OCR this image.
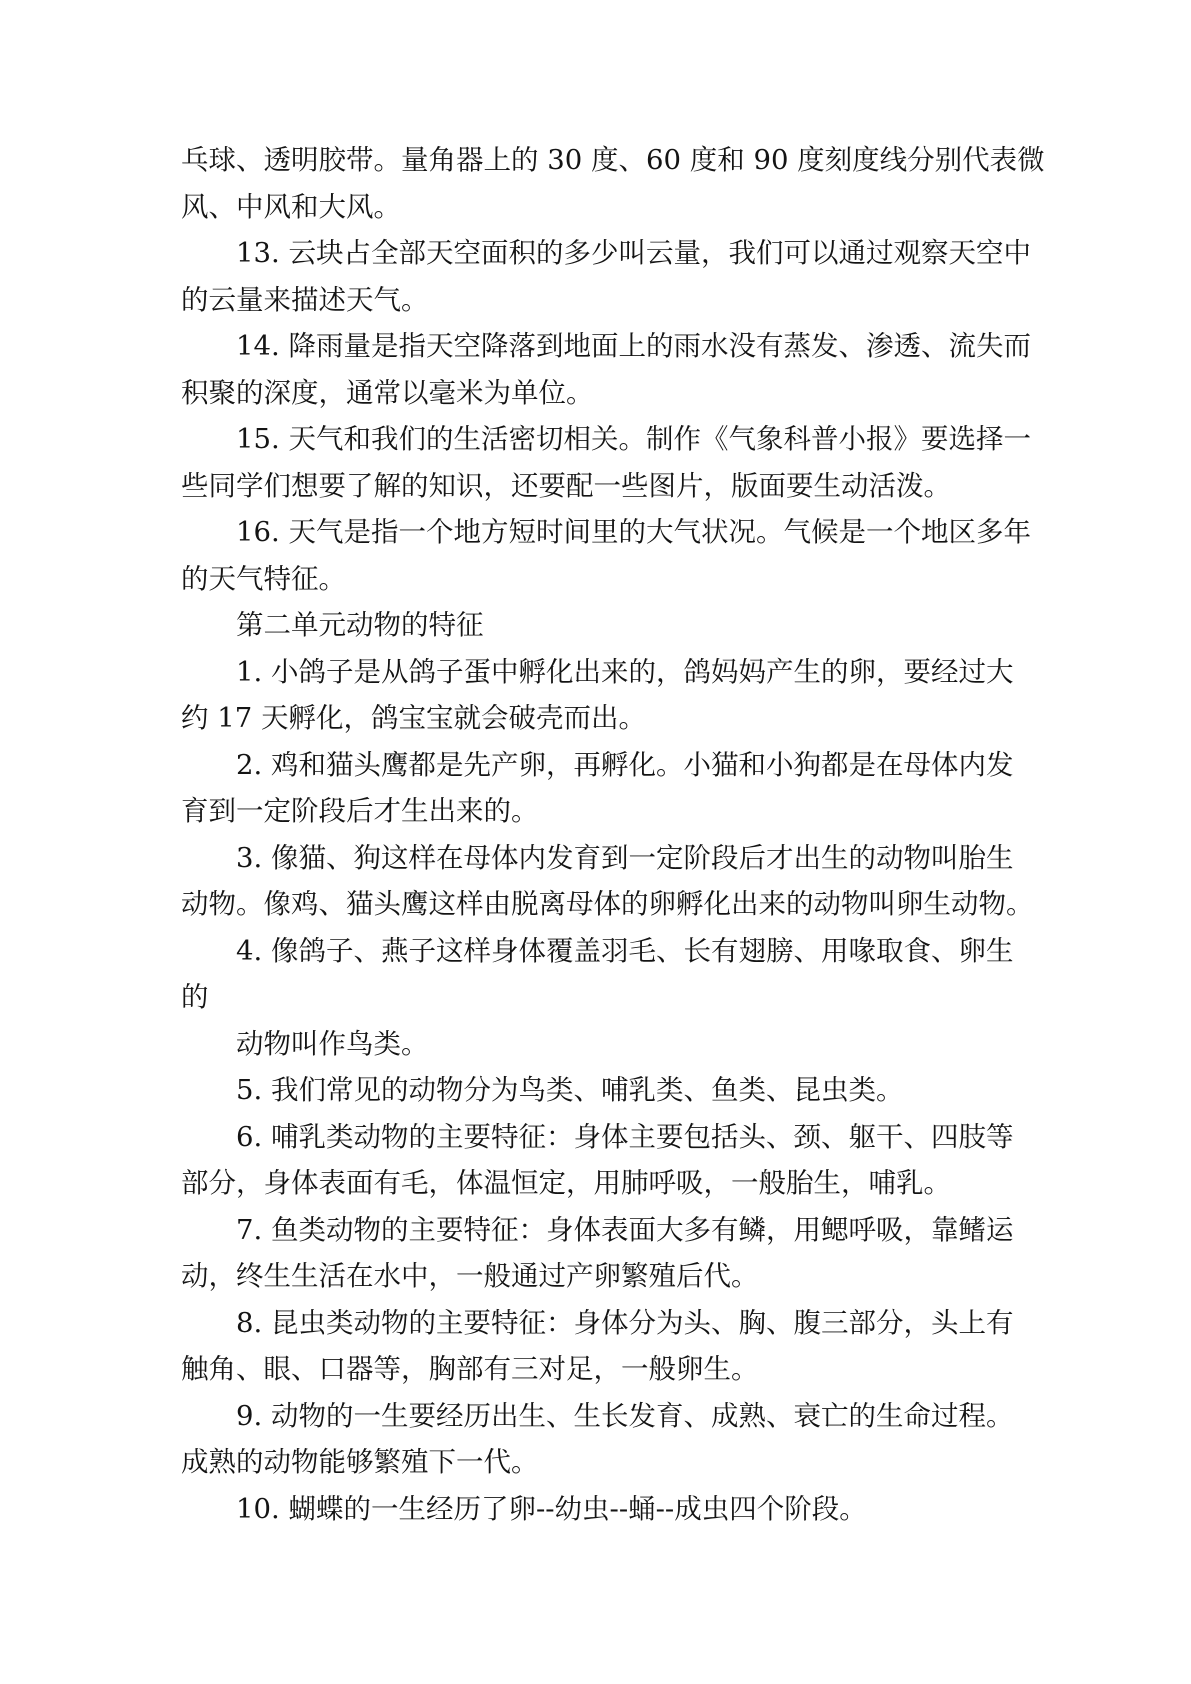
乓球、透明胶带。量角器上的 30 度、60 度和 90 度刻度线分别代表微
风、中风和大风。

13. 云块占全部天空面积的多少叫云量，我们可以通过观察天空中
的云量来描述天气。

14. 降雨量是指天空降落到地面上的雨水没有蒸发、渗透、流失而
积聚的深度，通常以毫米为单位。

15. 天气和我们的生活密切相关。制作《气象科普小报》要选择一
些同学们想要了解的知识，还要配一些图片，版面要生动活泼。

16. 天气是指一个地方短时间里的大气状况。气候是一个地区多年
的天气特征。

第二单元动物的特征

1. 小鸽子是从鸽子蛋中孵化出来的，鸽妈妈产生的卵，要经过大
约 17 天孵化，鸽宝宝就会破壳而出。

2. 鸡和猫头鹰都是先产卵，再孵化。小猫和小狗都是在母体内发
育到一定阶段后才生出来的。

3. 像猫、狗这样在母体内发育到一定阶段后才出生的动物叫胎生
动物。像鸡、猫头鹰这样由脱离母体的卵孵化出来的动物叫卵生动物。

4. 像鸽子、燕子这样身体覆盖羽毛、长有翅膀、用喙取食、卵生
的

动物叫作鸟类。

5. 我们常见的动物分为鸟类、哺乳类、鱼类、昆虫类。

6. 哺乳类动物的主要特征：身体主要包括头、颈、躯干、四肢等
部分，身体表面有毛，体温恒定，用肺呼吸，一般胎生，哺乳。

7. 鱼类动物的主要特征：身体表面大多有鳞，用鳃呼吸，靠鳍运
动，终生生活在水中，一般通过产卵繁殖后代。

8. 昆虫类动物的主要特征：身体分为头、胸、腹三部分，头上有
触角、眼、口器等，胸部有三对足，一般卵生。

9. 动物的一生要经历出生、生长发育、成熟、衰亡的生命过程。
成熟的动物能够繁殖下一代。

10. 蝴蝶的一生经历了卵--幼虫--蛹--成虫四个阶段。
